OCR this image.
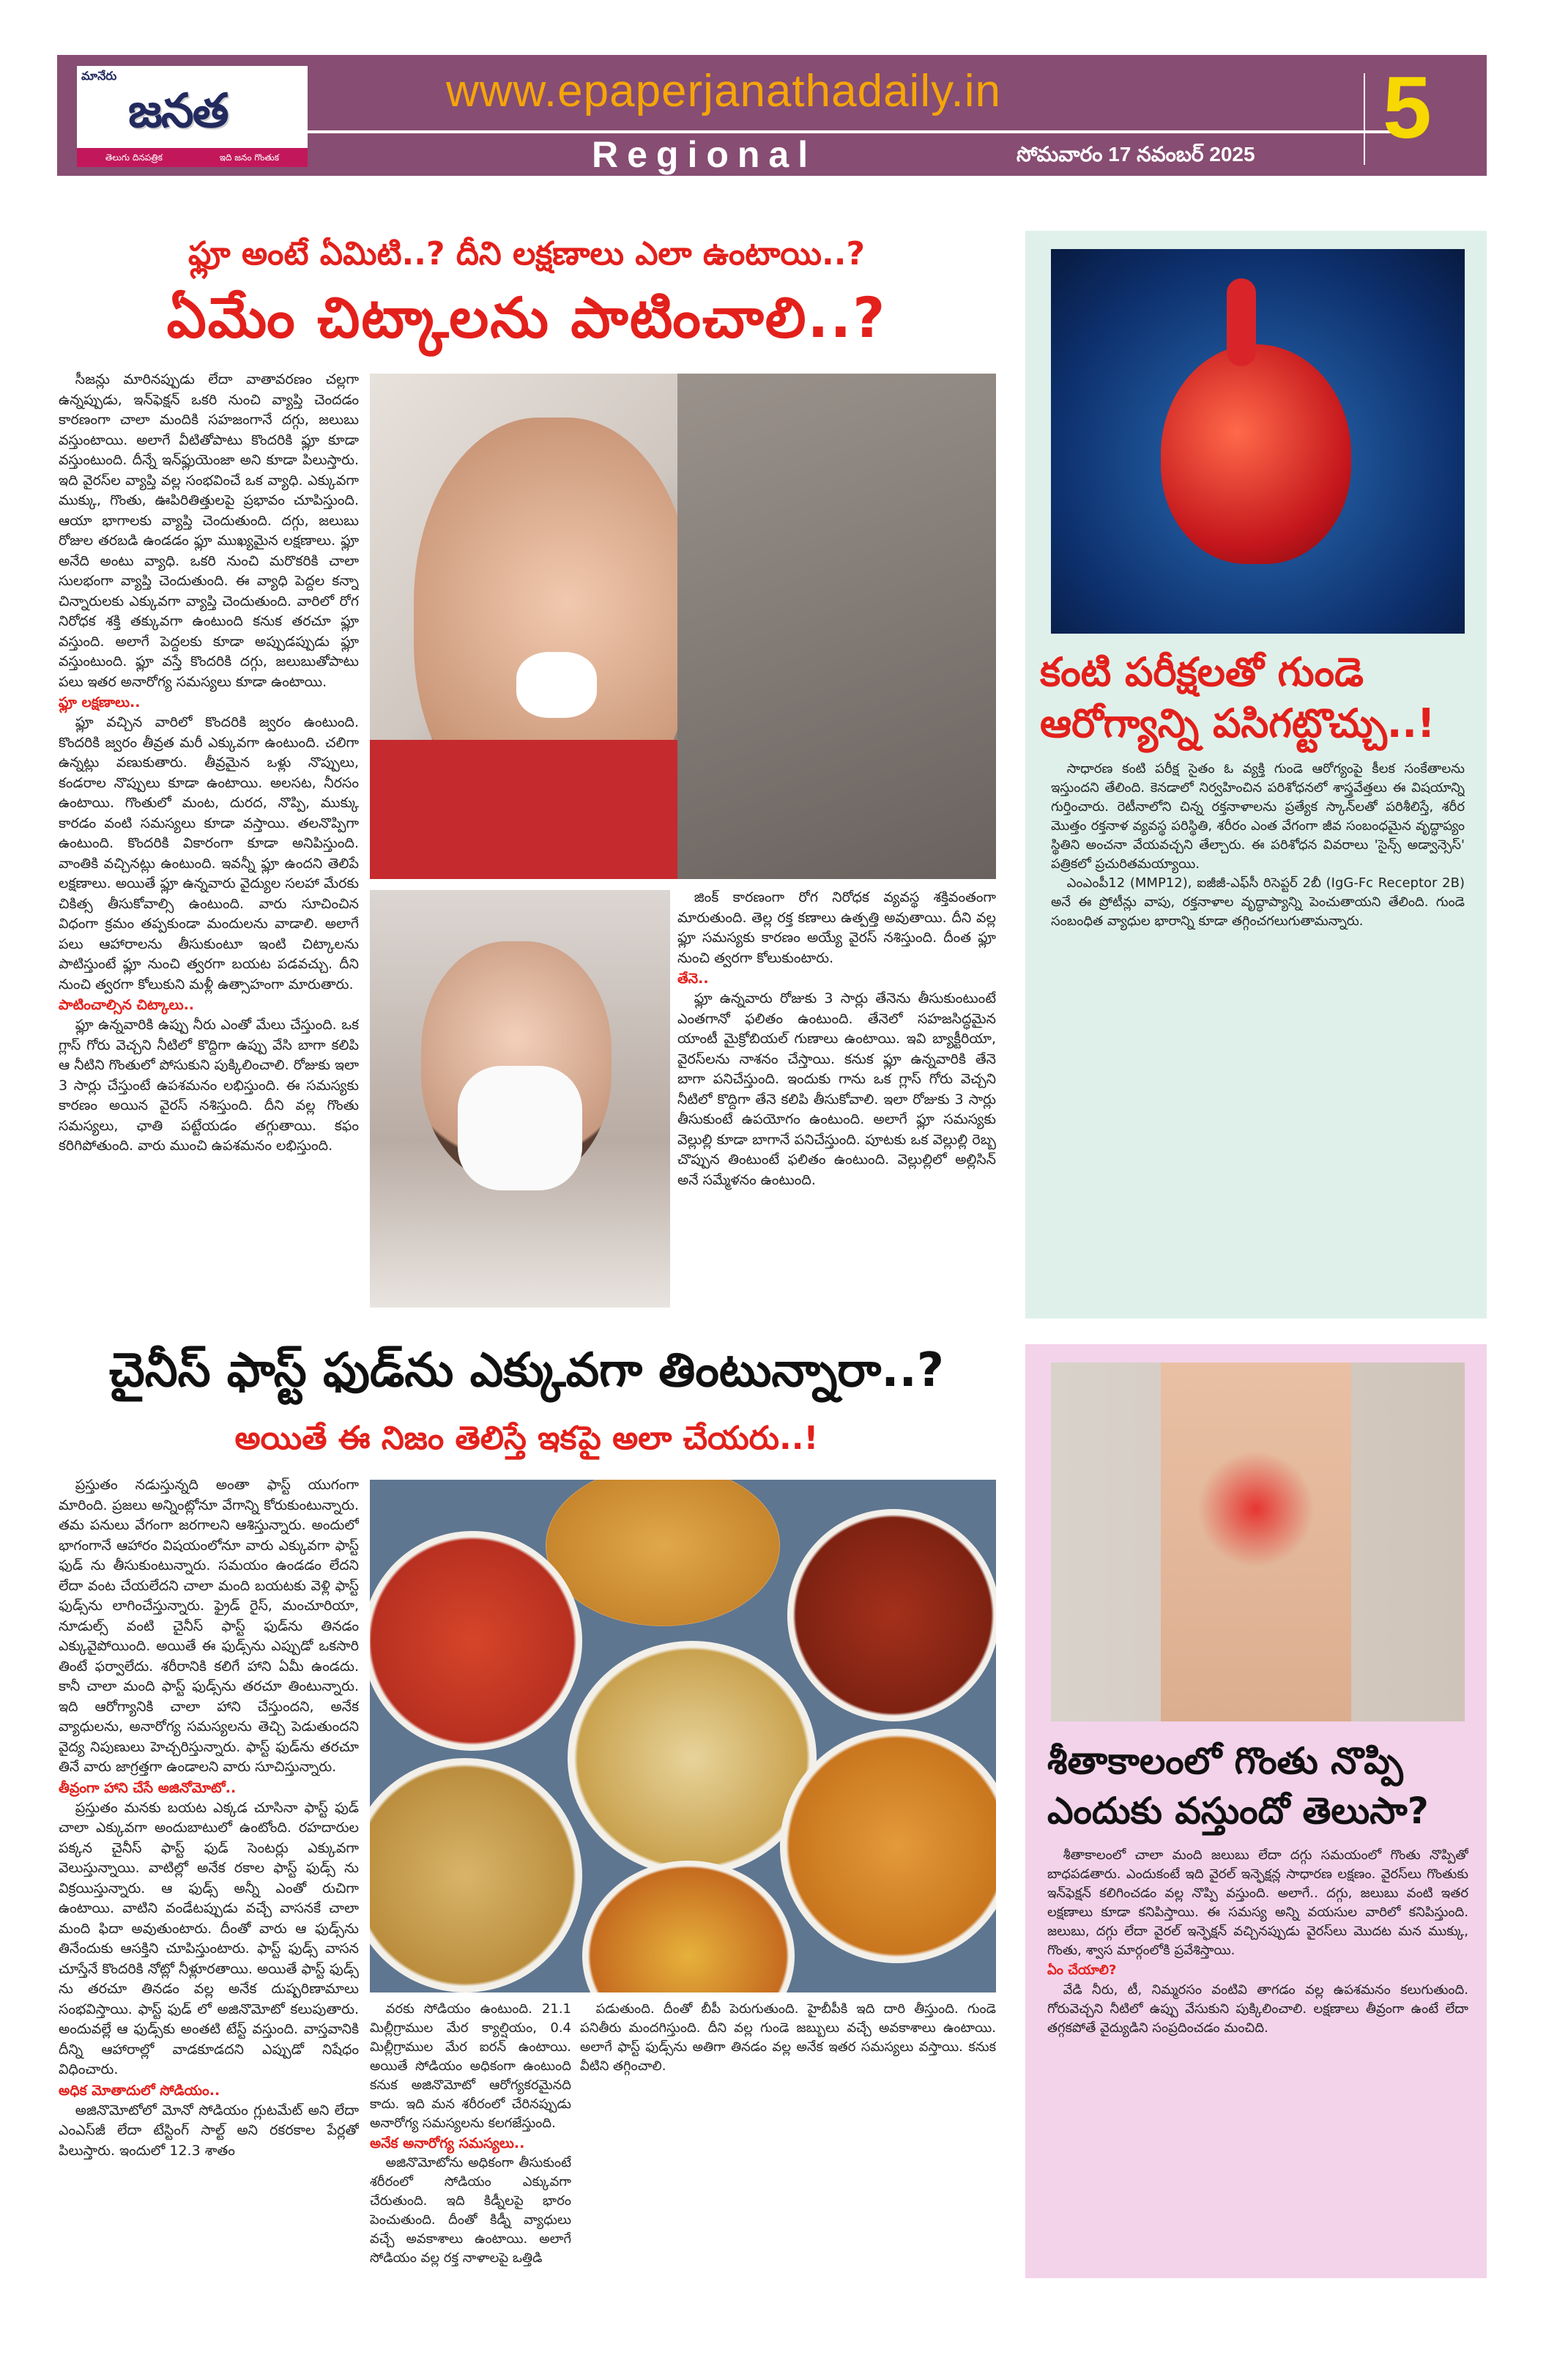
మానేరు
జనత
తెలుగు దినపత్రిక	ఇది జనం గొంతుక
www.epaperjanathadaily.in
Regional	సోమవారం 17 నవంబర్ 2025 5
ఫ్లూ అంటే ఏమిటి..? దీని లక్షణాలు ఎలా ఉంటాయి..?
ఏమేం చిట్కాలను పాటించాలి..?

సీజన్లు మారినప్పుడు లేదా వాతావరణం చల్లగా ఉన్నప్పుడు, ఇన్‌ఫెక్షన్ ఒకరి నుంచి వ్యాప్తి చెందడం కారణంగా చాలా మందికి సహజంగానే దగ్గు, జలుబు వస్తుంటాయి. అలాగే వీటితోపాటు కొందరికి ఫ్లూ కూడా వస్తుంటుంది. దీన్నే ఇన్‌ఫ్లుయెంజా అని కూడా పిలుస్తారు. ఇది వైరస్‌ల వ్యాప్తి వల్ల సంభవించే ఒక వ్యాధి. ఎక్కువగా ముక్కు, గొంతు, ఊపిరితిత్తులపై ప్రభావం చూపిస్తుంది. ఆయా భాగాలకు వ్యాప్తి చెందుతుంది. దగ్గు, జలుబు రోజుల తరబడి ఉండడం ఫ్లూ ముఖ్యమైన లక్షణాలు. ఫ్లూ అనేది అంటు వ్యాధి. ఒకరి నుంచి మరొకరికి చాలా సులభంగా వ్యాప్తి చెందుతుంది. ఈ వ్యాధి పెద్దల కన్నా చిన్నారులకు ఎక్కువగా వ్యాప్తి చెందుతుంది. వారిలో రోగ నిరోధక శక్తి తక్కువగా ఉంటుంది కనుక తరచూ ఫ్లూ వస్తుంది. అలాగే పెద్దలకు కూడా అప్పుడప్పుడు ఫ్లూ వస్తుంటుంది. ఫ్లూ వస్తే కొందరికి దగ్గు, జలుబుతోపాటు పలు ఇతర అనారోగ్య సమస్యలు కూడా ఉంటాయి.

ఫ్లూ లక్షణాలు..

ఫ్లూ వచ్చిన వారిలో కొందరికి జ్వరం ఉంటుంది. కొందరికి జ్వరం తీవ్రత మరీ ఎక్కువగా ఉంటుంది. చలిగా ఉన్నట్లు వణుకుతారు. తీవ్రమైన ఒళ్లు నొప్పులు, కండరాల నొప్పులు కూడా ఉంటాయి. అలసట, నీరసం ఉంటాయి. గొంతులో మంట, దురద, నొప్పి, ముక్కు కారడం వంటి సమస్యలు కూడా వస్తాయి. తలనొప్పిగా ఉంటుంది. కొందరికి వికారంగా కూడా అనిపిస్తుంది. వాంతికి వచ్చినట్లు ఉంటుంది. ఇవన్నీ ఫ్లూ ఉందని తెలిపే లక్షణాలు. అయితే ఫ్లూ ఉన్నవారు వైద్యుల సలహా మేరకు చికిత్స తీసుకోవాల్సి ఉంటుంది. వారు సూచించిన విధంగా క్రమం తప్పకుండా మందులను వాడాలి. అలాగే పలు ఆహారాలను తీసుకుంటూ ఇంటి చిట్కాలను పాటిస్తుంటే ఫ్లూ నుంచి త్వరగా బయట పడవచ్చు. దీని నుంచి త్వరగా కోలుకుని మళ్లీ ఉత్సాహంగా మారుతారు.

పాటించాల్సిన చిట్కాలు..

ఫ్లూ ఉన్నవారికి ఉప్పు నీరు ఎంతో మేలు చేస్తుంది. ఒక గ్లాస్ గోరు వెచ్చని నీటిలో కొద్దిగా ఉప్పు వేసి బాగా కలిపి ఆ నీటిని గొంతులో పోసుకుని పుక్కిలించాలి. రోజుకు ఇలా 3 సార్లు చేస్తుంటే ఉపశమనం లభిస్తుంది. ఈ సమస్యకు కారణం అయిన వైరస్ నశిస్తుంది. దీని వల్ల గొంతు సమస్యలు, ఛాతి పట్టేయడం తగ్గుతాయి. కఫం కరిగిపోతుంది. వారు ముంచి ఉపశమనం లభిస్తుంది.

జింక్ కారణంగా రోగ నిరోధక వ్యవస్థ శక్తివంతంగా మారుతుంది. తెల్ల రక్త కణాలు ఉత్పత్తి అవుతాయి. దీని వల్ల ఫ్లూ సమస్యకు కారణం అయ్యే వైరస్ నశిస్తుంది. దీంత ఫ్లూ నుంచి త్వరగా కోలుకుంటారు.

తేనె..

ఫ్లూ ఉన్నవారు రోజుకు 3 సార్లు తేనెను తీసుకుంటుంటే ఎంతగానో ఫలితం ఉంటుంది. తేనెలో సహజసిద్ధమైన యాంటీ మైక్రోబియల్ గుణాలు ఉంటాయి. ఇవి బ్యాక్టీరియా, వైరస్‌లను నాశనం చేస్తాయి. కనుక ఫ్లూ ఉన్నవారికి తేనె బాగా పనిచేస్తుంది. ఇందుకు గాను ఒక గ్లాస్ గోరు వెచ్చని నీటిలో కొద్దిగా తేనె కలిపి తీసుకోవాలి. ఇలా రోజుకు 3 సార్లు తీసుకుంటే ఉపయోగం ఉంటుంది. అలాగే ఫ్లూ సమస్యకు వెల్లుల్లి కూడా బాగానే పనిచేస్తుంది. పూటకు ఒక వెల్లుల్లి రెబ్బ చొప్పున తింటుంటే ఫలితం ఉంటుంది. వెల్లుల్లిలో అల్లిసిన్ అనే సమ్మేళనం ఉంటుంది.

కంటి పరీక్షలతో గుండె ఆరోగ్యాన్ని పసిగట్టొచ్చు..!

సాధారణ కంటి పరీక్ష సైతం ఓ వ్యక్తి గుండె ఆరోగ్యంపై కీలక సంకేతాలను ఇస్తుందని తేలింది. కెనడాలో నిర్వహించిన పరిశోధనలో శాస్త్రవేత్తలు ఈ విషయాన్ని గుర్తించారు. రెటీనాలోని చిన్న రక్తనాళాలను ప్రత్యేక స్కాన్‌లతో పరిశీలిస్తే, శరీర మొత్తం రక్తనాళ వ్యవస్థ పరిస్థితి, శరీరం ఎంత వేగంగా జీవ సంబంధమైన వృద్ధాప్యం స్థితిని అంచనా వేయవచ్చని తేల్చారు. ఈ పరిశోధన వివరాలు 'సైన్స్ అడ్వాన్సెస్' పత్రికలో ప్రచురితమయ్యాయి.

ఎంఎంపీ12 (MMP12), ఐజీజీ-ఎఫ్‌సీ రిసెప్టర్ 2బీ (IgG-Fc Receptor 2B) అనే ఈ ప్రోటీన్లు వాపు, రక్తనాళాల వృద్ధాప్యాన్ని పెంచుతాయని తేలింది. గుండె సంబంధిత వ్యాధుల భారాన్ని కూడా తగ్గించగలుగుతామన్నారు.

చైనీస్ ఫాస్ట్ ఫుడ్‌ను ఎక్కువగా తింటున్నారా..?
అయితే ఈ నిజం తెలిస్తే ఇకపై అలా చేయరు..!

ప్రస్తుతం నడుస్తున్నది అంతా ఫాస్ట్ యుగంగా మారింది. ప్రజలు అన్నింట్లోనూ వేగాన్ని కోరుకుంటున్నారు. తమ పనులు వేగంగా జరగాలని ఆశిస్తున్నారు. అందులో భాగంగానే ఆహారం విషయంలోనూ వారు ఎక్కువగా ఫాస్ట్ ఫుడ్ ను తీసుకుంటున్నారు. సమయం ఉండడం లేదని లేదా వంట చేయలేదని చాలా మంది బయటకు వెళ్లి ఫాస్ట్ ఫుడ్స్‌ను లాగించేస్తున్నారు. ఫ్రైడ్ రైస్, మంచూరియా, నూడుల్స్ వంటి చైనీస్ ఫాస్ట్ ఫుడ్‌ను తినడం ఎక్కువైపోయింది. అయితే ఈ ఫుడ్స్‌ను ఎప్పుడో ఒకసారి తింటే ఫర్వాలేదు. శరీరానికి కలిగే హాని ఏమీ ఉండదు. కానీ చాలా మంది ఫాస్ట్ ఫుడ్స్‌ను తరచూ తింటున్నారు. ఇది ఆరోగ్యానికి చాలా హాని చేస్తుందని, అనేక వ్యాధులను, అనారోగ్య సమస్యలను తెచ్చి పెడుతుందని వైద్య నిపుణులు హెచ్చరిస్తున్నారు. ఫాస్ట్ ఫుడ్‌ను తరచూ తినే వారు జాగ్రత్తగా ఉండాలని వారు సూచిస్తున్నారు.

తీవ్రంగా హాని చేసే అజినోమోటో..

ప్రస్తుతం మనకు బయట ఎక్కడ చూసినా ఫాస్ట్ ఫుడ్ చాలా ఎక్కువగా అందుబాటులో ఉంటోంది. రహదారుల పక్కన చైనీస్ ఫాస్ట్ ఫుడ్ సెంటర్లు ఎక్కువగా వెలుస్తున్నాయి. వాటిల్లో అనేక రకాల ఫాస్ట్ ఫుడ్స్ ను విక్రయిస్తున్నారు. ఆ ఫుడ్స్ అన్నీ ఎంతో రుచిగా ఉంటాయి. వాటిని వండేటప్పుడు వచ్చే వాసనకే చాలా మంది ఫిదా అవుతుంటారు. దీంతో వారు ఆ ఫుడ్స్‌ను తినేందుకు ఆసక్తిని చూపిస్తుంటారు. ఫాస్ట్ ఫుడ్స్ వాసన చూస్తేనే కొందరికి నోట్లో నీళ్లూరతాయి. అయితే ఫాస్ట్ ఫుడ్స్ ను తరచూ తినడం వల్ల అనేక దుష్పరిణామాలు సంభవిస్తాయి. ఫాస్ట్ ఫుడ్ లో అజినొమోటో కలుపుతారు. అందువల్లే ఆ ఫుడ్స్‌కు అంతటి టేస్ట్ వస్తుంది. వాస్తవానికి దీన్ని ఆహారాల్లో వాడకూడదని ఎప్పుడో నిషేధం విధించారు.

అధిక మోతాదులో సోడియం..

అజినొమోటోలో మోనో సోడియం గ్లుటమేట్ అని లేదా ఎంఎస్‌జీ లేదా టేస్టింగ్ సాల్ట్ అని రకరకాల పేర్లతో పిలుస్తారు. ఇందులో 12.3 శాతం

వరకు సోడియం ఉంటుంది. 21.1 మిల్లీగ్రాముల మేర క్యాల్షియం, 0.4 మిల్లీగ్రాముల మేర ఐరన్ ఉంటాయి. అయితే సోడియం అధికంగా ఉంటుంది కనుక అజినొమోటో ఆరోగ్యకరమైనది కాదు. ఇది మన శరీరంలో చేరినప్పుడు అనారోగ్య సమస్యలను కలగజేస్తుంది.

అనేక అనారోగ్య సమస్యలు..

అజినొమోటోను అధికంగా తీసుకుంటే శరీరంలో సోడియం ఎక్కువగా చేరుతుంది. ఇది కిడ్నీలపై భారం పెంచుతుంది. దీంతో కిడ్నీ వ్యాధులు వచ్చే అవకాశాలు ఉంటాయి. అలాగే సోడియం వల్ల రక్త నాళాలపై ఒత్తిడి

పడుతుంది. దీంతో బీపీ పెరుగుతుంది. హైబీపీకి ఇది దారి తీస్తుంది. గుండె పనితీరు మందగిస్తుంది. దీని వల్ల గుండె జబ్బులు వచ్చే అవకాశాలు ఉంటాయి. అలాగే ఫాస్ట్ ఫుడ్స్‌ను అతిగా తినడం వల్ల అనేక ఇతర సమస్యలు వస్తాయి. కనుక వీటిని తగ్గించాలి.

శీతాకాలంలో గొంతు నొప్పి ఎందుకు వస్తుందో తెలుసా?

శీతాకాలంలో చాలా మంది జలుబు లేదా దగ్గు సమయంలో గొంతు నొప్పితో బాధపడతారు. ఎందుకంటే ఇది వైరల్ ఇన్ఫెక్షన్ల సాధారణ లక్షణం. వైరస్‌లు గొంతుకు ఇన్‌ఫెక్షన్ కలిగించడం వల్ల నొప్పి వస్తుంది. అలాగే.. దగ్గు, జలుబు వంటి ఇతర లక్షణాలు కూడా కనిపిస్తాయి. ఈ సమస్య అన్ని వయసుల వారిలో కనిపిస్తుంది. జలుబు, దగ్గు లేదా వైరల్ ఇన్ఫెక్షన్ వచ్చినప్పుడు వైరస్‌లు మొదట మన ముక్కు, గొంతు, శ్వాస మార్గంలోకి ప్రవేశిస్తాయి.

ఏం చేయాలి?

వేడి నీరు, టీ, నిమ్మరసం వంటివి తాగడం వల్ల ఉపశమనం కలుగుతుంది. గోరువెచ్చని నీటిలో ఉప్పు వేసుకుని పుక్కిలించాలి. లక్షణాలు తీవ్రంగా ఉంటే లేదా తగ్గకపోతే వైద్యుడిని సంప్రదించడం మంచిది.
